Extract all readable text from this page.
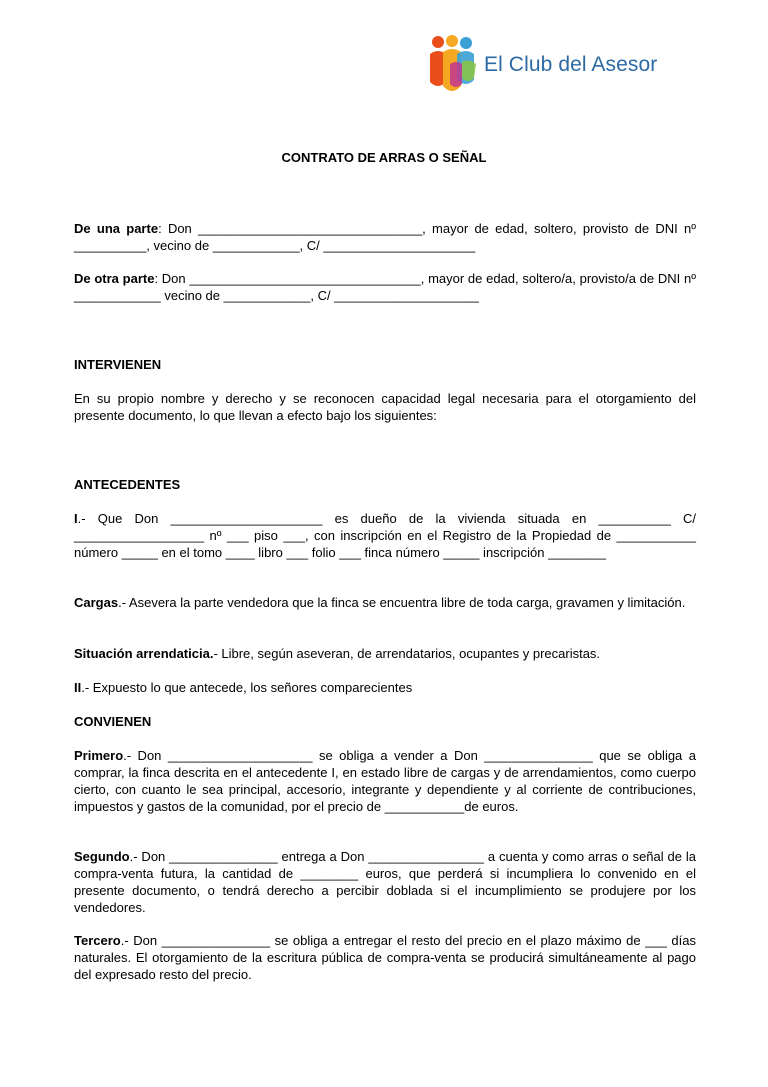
El Club del Asesor
CONTRATO DE ARRAS O SEÑAL

De una parte: Don _______________________________, mayor de edad, soltero, provisto de DNI nº __________, vecino de ____________, C/ _____________________

De otra parte: Don ________________________________, mayor de edad, soltero/a, provisto/a de DNI nº ____________ vecino de ____________, C/ ____________________

INTERVIENEN

En su propio nombre y derecho y se reconocen capacidad legal necesaria para el otorgamiento del presente documento, lo que llevan a efecto bajo los siguientes:

ANTECEDENTES

I.- Que Don _____________________ es dueño de la vivienda situada en __________ C/ __________________ nº ___ piso ___, con inscripción en el Registro de la Propiedad de ___________ número _____ en el tomo ____ libro ___ folio ___ finca número _____ inscripción ________

Cargas.- Asevera la parte vendedora que la finca se encuentra libre de toda carga, gravamen y limitación.

Situación arrendaticia.- Libre, según aseveran, de arrendatarios, ocupantes y precaristas.

II.- Expuesto lo que antecede, los señores comparecientes

CONVIENEN

Primero.- Don ____________________ se obliga a vender a Don _______________ que se obliga a comprar, la finca descrita en el antecedente I, en estado libre de cargas y de arrendamientos, como cuerpo cierto, con cuanto le sea principal, accesorio, integrante y dependiente y al corriente de contribuciones, impuestos y gastos de la comunidad, por el precio de ___________de euros.

Segundo.- Don _______________ entrega a Don ________________ a cuenta y como arras o señal de la compra-venta futura, la cantidad de ________ euros, que perderá si incumpliera lo convenido en el presente documento, o tendrá derecho a percibir doblada si el incumplimiento se produjere por los vendedores.

Tercero.- Don _______________ se obliga a entregar el resto del precio en el plazo máximo de ___ días naturales. El otorgamiento de la escritura pública de compra-venta se producirá simultáneamente al pago del expresado resto del precio.
